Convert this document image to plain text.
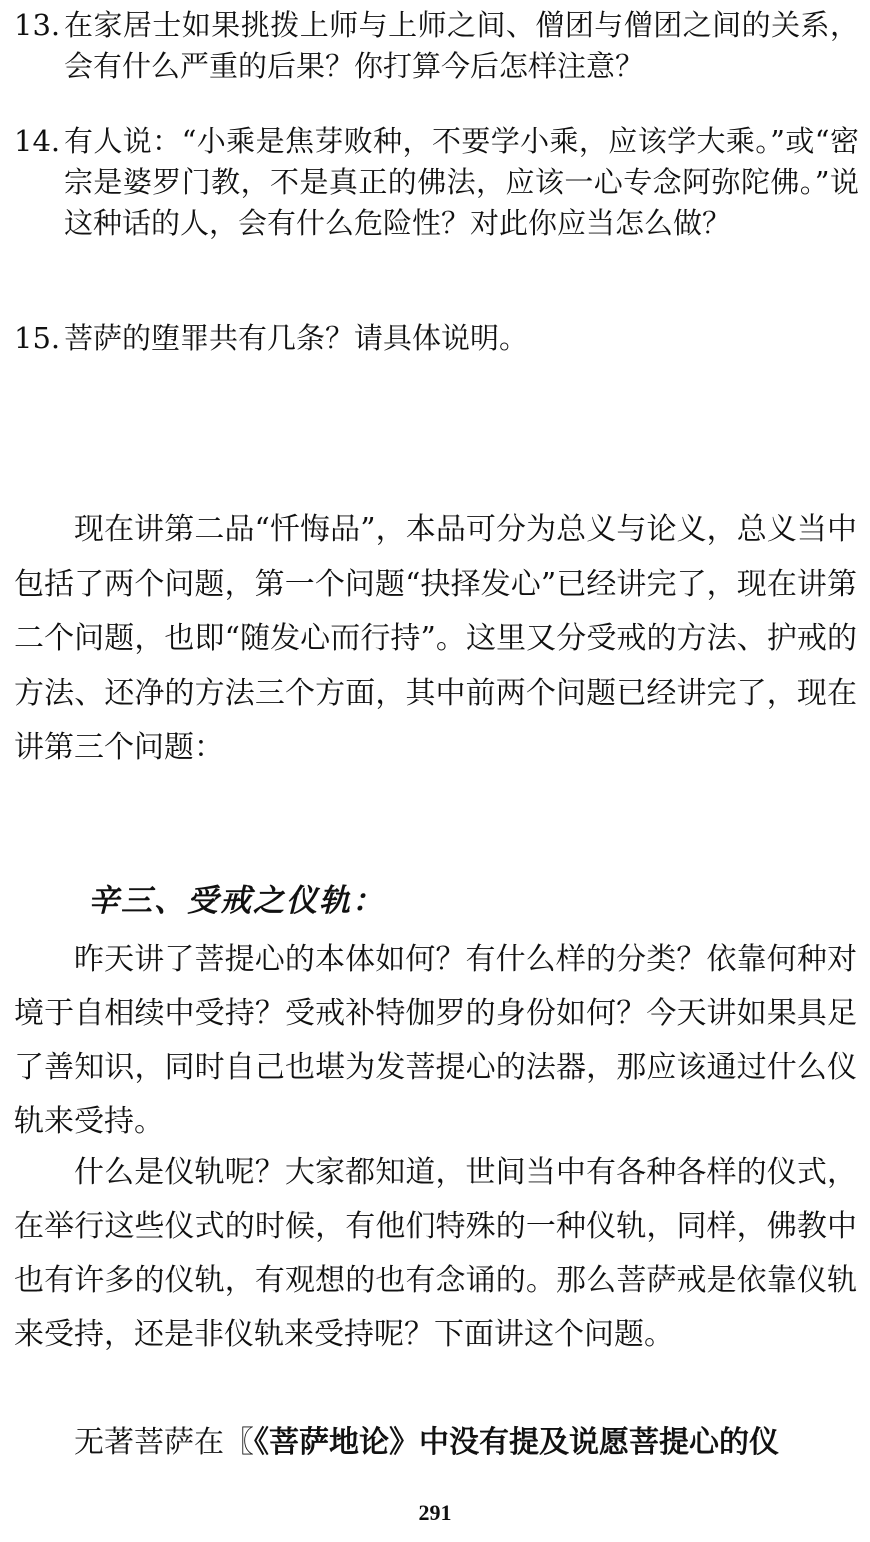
13. 在家居士如果挑拨上师与上师之间、僧团与僧团之间的关系，会有什么严重的后果？你打算今后怎样注意？
14. 有人说：“小乘是焦芽败种，不要学小乘，应该学大乘。”或“密宗是婆罗门教，不是真正的佛法，应该一心专念阿弥陀佛。”说这种话的人，会有什么危险性？对此你应当怎么做？
15. 菩萨的堕罪共有几条？请具体说明。
现在讲第二品“忏悔品”，本品可分为总义与论义，总义当中包括了两个问题，第一个问题“抉择发心”已经讲完了，现在讲第二个问题，也即“随发心而行持”。这里又分受戒的方法、护戒的方法、还净的方法三个方面，其中前两个问题已经讲完了，现在讲第三个问题：
辛三、受戒之仪轨：
昨天讲了菩提心的本体如何？有什么样的分类？依靠何种对境于自相续中受持？受戒补特伽罗的身份如何？今天讲如果具足了善知识，同时自己也堪为发菩提心的法器，那应该通过什么仪轨来受持。
什么是仪轨呢？大家都知道，世间当中有各种各样的仪式，在举行这些仪式的时候，有他们特殊的一种仪轨，同样，佛教中也有许多的仪轨，有观想的也有念诵的。那么菩萨戒是依靠仪轨来受持，还是非仪轨来受持呢？下面讲这个问题。
无著菩萨在〖《菩萨地论》中没有提及说愿菩提心的仪
291
